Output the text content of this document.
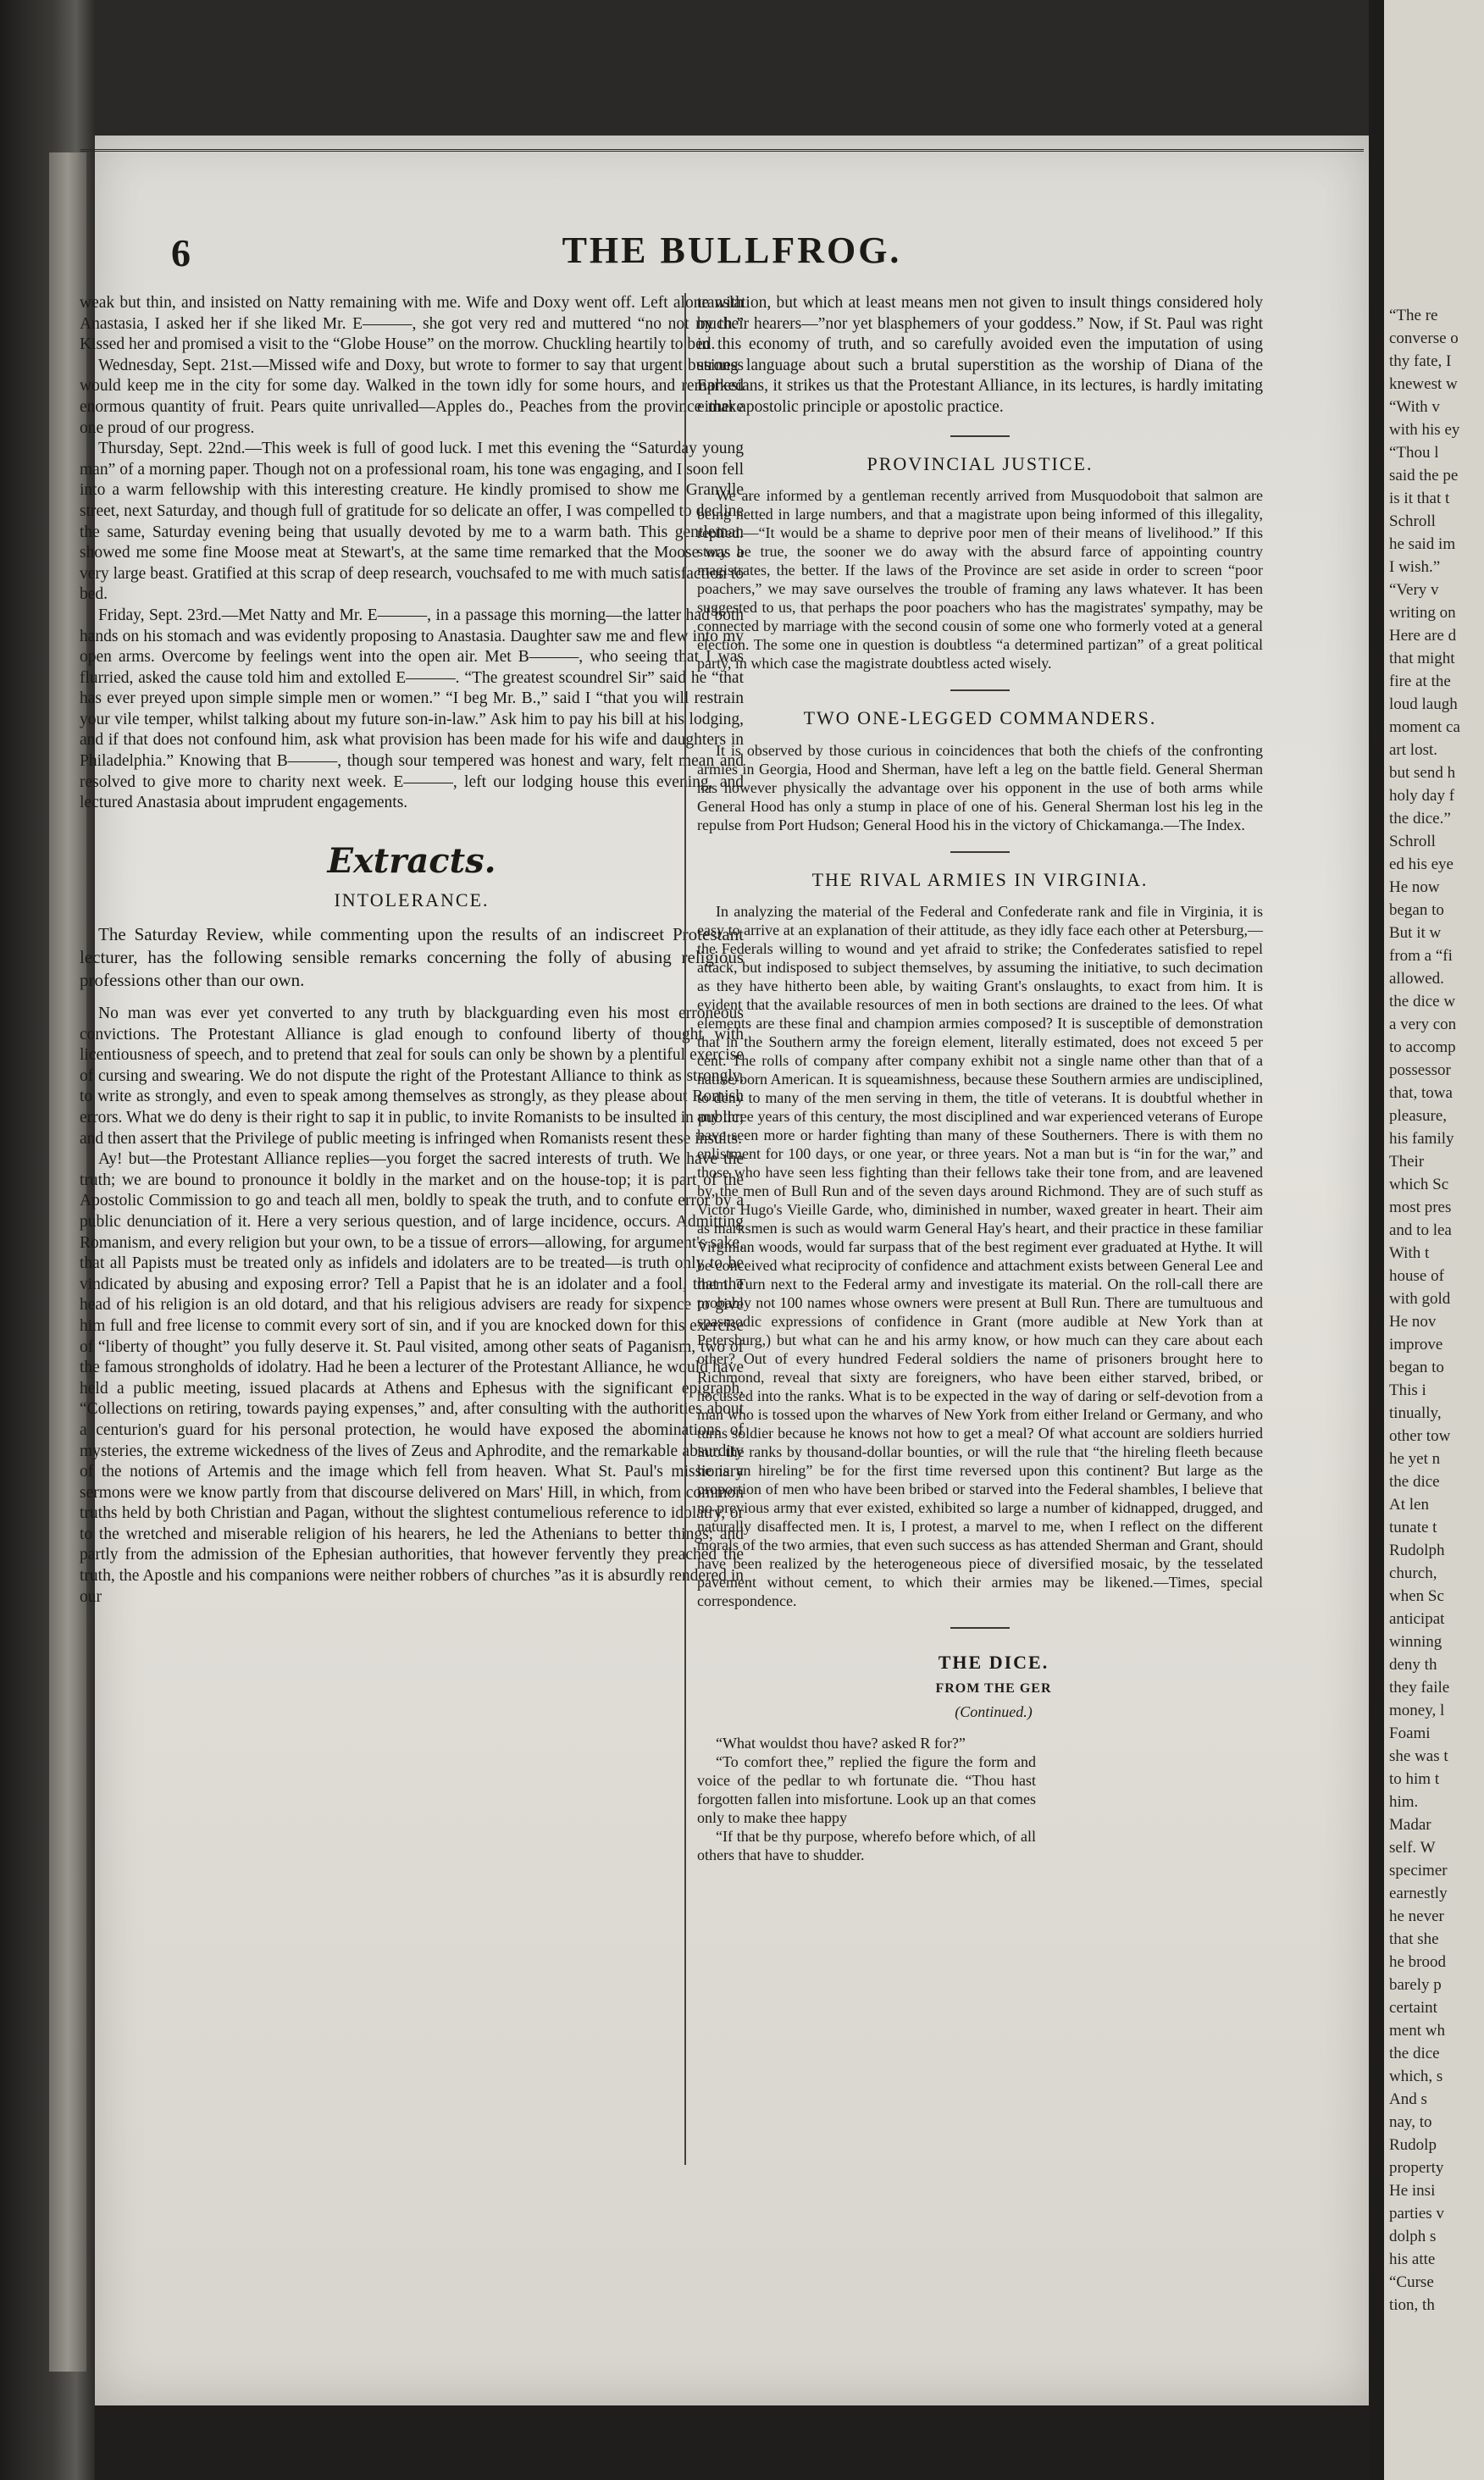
THE BULLFROG.
6

weak but thin, and insisted on Natty remaining with me. Wife and Doxy went off. Left alone with Anastasia, I asked her if she liked Mr. E———, she got very red and muttered “no not much.” Kissed her and promised a visit to the “Globe House” on the morrow. Chuckling heartily to bed.

Wednesday, Sept. 21st.—Missed wife and Doxy, but wrote to former to say that urgent business would keep me in the city for some day. Walked in the town idly for some hours, and remarked enormous quantity of fruit. Pears quite unrivalled—Apples do., Peaches from the province make one proud of our progress.

Thursday, Sept. 22nd.—This week is full of good luck. I met this evening the “Saturday young man” of a morning paper. Though not on a professional roam, his tone was engaging, and I soon fell into a warm fellowship with this interesting creature. He kindly promised to show me Granvlle street, next Saturday, and though full of gratitude for so delicate an offer, I was compelled to decline the same, Saturday evening being that usually devoted by me to a warm bath. This gentleman showed me some fine Moose meat at Stewart's, at the same time remarked that the Moose was a very large beast. Gratified at this scrap of deep research, vouchsafed to me with much satisfaction to bed.

Friday, Sept. 23rd.—Met Natty and Mr. E———, in a passage this morning—the latter had both hands on his stomach and was evidently proposing to Anastasia. Daughter saw me and flew into my open arms. Overcome by feelings went into the open air. Met B———, who seeing that I was flurried, asked the cause told him and extolled E———. “The greatest scoundrel Sir” said he “that has ever preyed upon simple simple men or women.” “I beg Mr. B.,” said I “that you will restrain your vile temper, whilst talking about my future son-in-law.” Ask him to pay his bill at his lodging, and if that does not confound him, ask what provision has been made for his wife and daughters in Philadelphia.” Knowing that B———, though sour tempered was honest and wary, felt mean and resolved to give more to charity next week. E———, left our lodging house this evening, and lectured Anastasia about imprudent engagements.

Extracts.
INTOLERANCE.

The Saturday Review, while commenting upon the results of an indiscreet Protestant lecturer, has the following sensible remarks concerning the folly of abusing religious professions other than our own.

No man was ever yet converted to any truth by blackguarding even his most erroneous convictions. The Protestant Alliance is glad enough to confound liberty of thought with licentiousness of speech, and to pretend that zeal for souls can only be shown by a plentiful exercise of cursing and swearing. We do not dispute the right of the Protestant Alliance to think as strongly, to write as strongly, and even to speak among themselves as strongly, as they please about Romish errors. What we do deny is their right to sap it in public, to invite Romanists to be insulted in public; and then assert that the Privilege of public meeting is infringed when Romanists resent these insults.

Ay! but—the Protestant Alliance replies—you forget the sacred interests of truth. We have the truth; we are bound to pronounce it boldly in the market and on the house-top; it is part of the Apostolic Commission to go and teach all men, boldly to speak the truth, and to confute error by a public denunciation of it. Here a very serious question, and of large incidence, occurs. Admitting Romanism, and every religion but your own, to be a tissue of errors—allowing, for argument's sake, that all Papists must be treated only as infidels and idolaters are to be treated—is truth only to be vindicated by abusing and exposing error? Tell a Papist that he is an idolater and a fool, that the head of his religion is an old dotard, and that his religious advisers are ready for sixpence to give him full and free license to commit every sort of sin, and if you are knocked down for this exercise of “liberty of thought” you fully deserve it. St. Paul visited, among other seats of Paganism, two of the famous strongholds of idolatry. Had he been a lecturer of the Protestant Alliance, he would have held a public meeting, issued placards at Athens and Ephesus with the significant epigraph, “Collections on retiring, towards paying expenses,” and, after consulting with the authorities about a centurion's guard for his personal protection, he would have exposed the abominations of mysteries, the extreme wickedness of the lives of Zeus and Aphrodite, and the remarkable absurdity of the notions of Artemis and the image which fell from heaven. What St. Paul's missionary sermons were we know partly from that discourse delivered on Mars' Hill, in which, from common truths held by both Christian and Pagan, without the slightest contumelious reference to idolatry, or to the wretched and miserable religion of his hearers, he led the Athenians to better things; and partly from the admission of the Ephesian authorities, that however fervently they preached the truth, the Apostle and his companions were neither robbers of churches ”as it is absurdly rendered in our

translation, but which at least means men not given to insult things considered holy by their hearers—”nor yet blasphemers of your goddess.” Now, if St. Paul was right in this economy of truth, and so carefully avoided even the imputation of using strong language about such a brutal superstition as the worship of Diana of the Ephesians, it strikes us that the Protestant Alliance, in its lectures, is hardly imitating either apostolic principle or apostolic practice.

PROVINCIAL JUSTICE.

We are informed by a gentleman recently arrived from Musquodoboit that salmon are being netted in large numbers, and that a magistrate upon being informed of this illegality, replied.—“It would be a shame to deprive poor men of their means of livelihood.” If this story be true, the sooner we do away with the absurd farce of appointing country magistrates, the better. If the laws of the Province are set aside in order to screen “poor poachers,” we may save ourselves the trouble of framing any laws whatever. It has been suggested to us, that perhaps the poor poachers who has the magistrates' sympathy, may be connected by marriage with the second cousin of some one who formerly voted at a general election. The some one in question is doubtless “a determined partizan” of a great political party, in which case the magistrate doubtless acted wisely.

TWO ONE-LEGGED COMMANDERS.

It is observed by those curious in coincidences that both the chiefs of the confronting armies in Georgia, Hood and Sherman, have left a leg on the battle field. General Sherman has however physically the advantage over his opponent in the use of both arms while General Hood has only a stump in place of one of his. General Sherman lost his leg in the repulse from Port Hudson; General Hood his in the victory of Chickamanga.—The Index.

THE RIVAL ARMIES IN VIRGINIA.

In analyzing the material of the Federal and Confederate rank and file in Virginia, it is easy to arrive at an explanation of their attitude, as they idly face each other at Petersburg,—the Federals willing to wound and yet afraid to strike; the Confederates satisfied to repel attack, but indisposed to subject themselves, by assuming the initiative, to such decimation as they have hitherto been able, by waiting Grant's onslaughts, to exact from him. It is evident that the available resources of men in both sections are drained to the lees. Of what elements are these final and champion armies composed? It is susceptible of demonstration that in the Southern army the foreign element, literally estimated, does not exceed 5 per cent. The rolls of company after company exhibit not a single name other than that of a native-born American. It is squeamishness, because these Southern armies are undisciplined, to deny to many of the men serving in them, the title of veterans. It is doubtful whether in any three years of this century, the most disciplined and war experienced veterans of Europe have seen more or harder fighting than many of these Southerners. There is with them no enlistment for 100 days, or one year, or three years. Not a man but is “in for the war,” and those who have seen less fighting than their fellows take their tone from, and are leavened by, the men of Bull Run and of the seven days around Richmond. They are of such stuff as Victor Hugo's Vieille Garde, who, diminished in number, waxed greater in heart. Their aim as marksmen is such as would warm General Hay's heart, and their practice in these familiar Virginian woods, would far surpass that of the best regiment ever graduated at Hythe. It will be conceived what reciprocity of confidence and attachment exists between General Lee and them. Turn next to the Federal army and investigate its material. On the roll-call there are probably not 100 names whose owners were present at Bull Run. There are tumultuous and spasmodic expressions of confidence in Grant (more audible at New York than at Petersburg,) but what can he and his army know, or how much can they care about each other? Out of every hundred Federal soldiers the name of prisoners brought here to Richmond, reveal that sixty are foreigners, who have been either starved, bribed, or hocussed into the ranks. What is to be expected in the way of daring or self-devotion from a man who is tossed upon the wharves of New York from either Ireland or Germany, and who turns soldier because he knows not how to get a meal? Of what account are soldiers hurried into the ranks by thousand-dollar bounties, or will the rule that “the hireling fleeth because he is an hireling” be for the first time reversed upon this continent? But large as the proportion of men who have been bribed or starved into the Federal shambles, I believe that no previous army that ever existed, exhibited so large a number of kidnapped, drugged, and naturally disaffected men. It is, I protest, a marvel to me, when I reflect on the different morals of the two armies, that even such success as has attended Sherman and Grant, should have been realized by the heterogeneous piece of diversified mosaic, by the tesselated pavement without cement, to which their armies may be likened.—Times, special correspondence.

THE DICE.
FROM THE GER
(Continued.)

“What wouldst thou have? asked R for?”

“To comfort thee,” replied the figure the form and voice of the pedlar to wh fortunate die. “Thou hast forgotten fallen into misfortune. Look up an that comes only to make thee happy

“If that be thy purpose, wherefo before which, of all others that have to shudder.

“The re
converse o
thy fate, I
knewest w
“With v
with his ey
“Thou l
said the pe
is it that t
Schroll
he said im
I wish.”
“Very v
writing on
Here are d
that might
fire at the
loud laugh
moment ca
art lost.
but send h
holy day f
the dice.”
Schroll
ed his eye
He now
began to
But it w
from a “fi
allowed.
the dice w
a very con
to accomp
possessor
that, towa
pleasure,
his family
Their
which Sc
most pres
and to lea
With t
house of
with gold
He nov
improve
began to
This i
tinually,
other tow
he yet n
the dice
At len
tunate t
Rudolph
church,
when Sc
anticipat
winning
deny th
they faile
money, l
Foami
she was t
to him t
him.
Madar
self. W
specimer
earnestly
he never
that she
he brood
barely p
certaint
ment wh
the dice
which, s
And s
nay, to
Rudolp
property
He insi
parties v
dolph s
his atte
“Curse
tion, th
